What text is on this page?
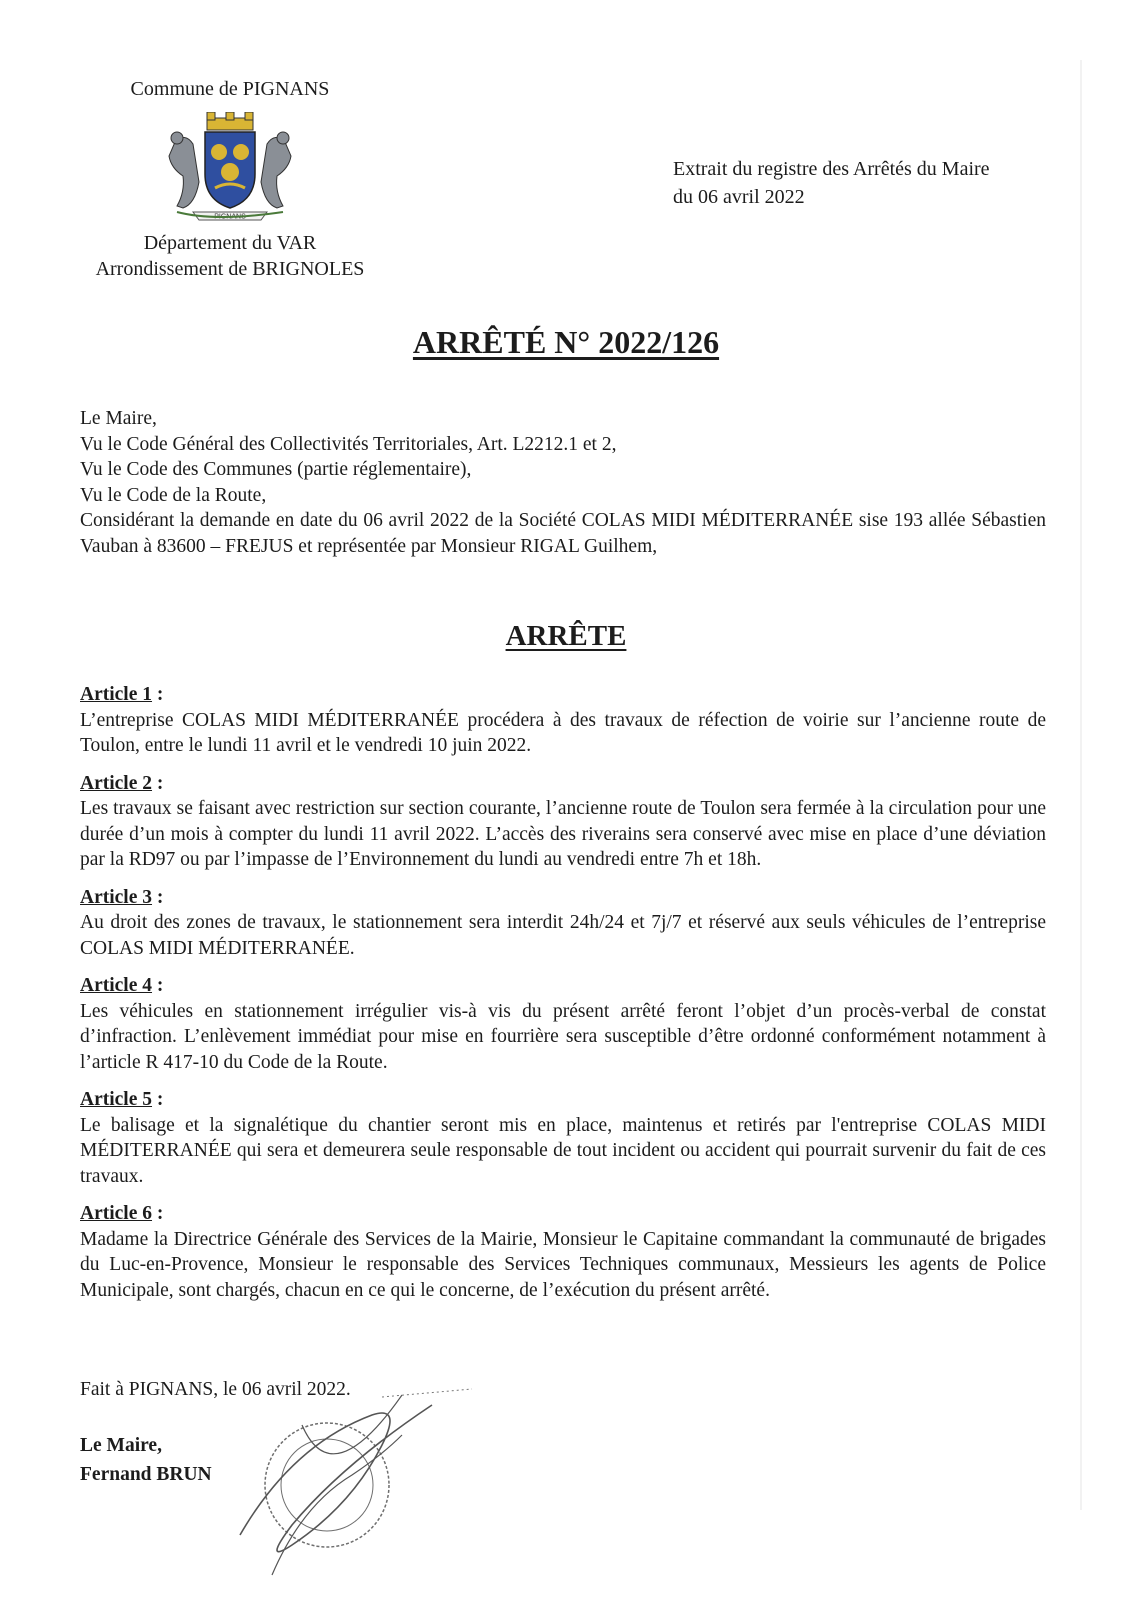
Commune de PIGNANS
PIGNANS
Département du VAR
Arrondissement de BRIGNOLES
Extrait du registre des Arrêtés du Maire
du 06 avril 2022
ARRÊTÉ N° 2022/126

Le Maire,

Vu le Code Général des Collectivités Territoriales, Art. L2212.1 et 2,

Vu le Code des Communes (partie réglementaire),

Vu le Code de la Route,

Considérant la demande en date du 06 avril 2022 de la Société COLAS MIDI MÉDITERRANÉE sise 193 allée Sébastien Vauban à 83600 – FREJUS et représentée par Monsieur RIGAL Guilhem,

ARRÊTE
Article 1 :
L’entreprise COLAS MIDI MÉDITERRANÉE procédera à des travaux de réfection de voirie sur l’ancienne route de Toulon, entre le lundi 11 avril et le vendredi 10 juin 2022.
Article 2 :
Les travaux se faisant avec restriction sur section courante, l’ancienne route de Toulon sera fermée à la circulation pour une durée d’un mois à compter du lundi 11 avril 2022. L’accès des riverains sera conservé avec mise en place d’une déviation par la RD97 ou par l’impasse de l’Environnement du lundi au vendredi entre 7h et 18h.
Article 3 :
Au droit des zones de travaux, le stationnement sera interdit 24h/24 et 7j/7 et réservé aux seuls véhicules de l’entreprise COLAS MIDI MÉDITERRANÉE.
Article 4 :
Les véhicules en stationnement irrégulier vis-à vis du présent arrêté feront l’objet d’un procès-verbal de constat d’infraction. L’enlèvement immédiat pour mise en fourrière sera susceptible d’être ordonné conformément notamment à l’article R 417-10 du Code de la Route.
Article 5 :
Le balisage et la signalétique du chantier seront mis en place, maintenus et retirés par l'entreprise COLAS MIDI MÉDITERRANÉE qui sera et demeurera seule responsable de tout incident ou accident qui pourrait survenir du fait de ces travaux.
Article 6 :
Madame la Directrice Générale des Services de la Mairie, Monsieur le Capitaine commandant la communauté de brigades du Luc-en-Provence, Monsieur le responsable des Services Techniques communaux, Messieurs les agents de Police Municipale, sont chargés, chacun en ce qui le concerne, de l’exécution du présent arrêté.
Fait à PIGNANS, le 06 avril 2022.
Le Maire,
Fernand BRUN
